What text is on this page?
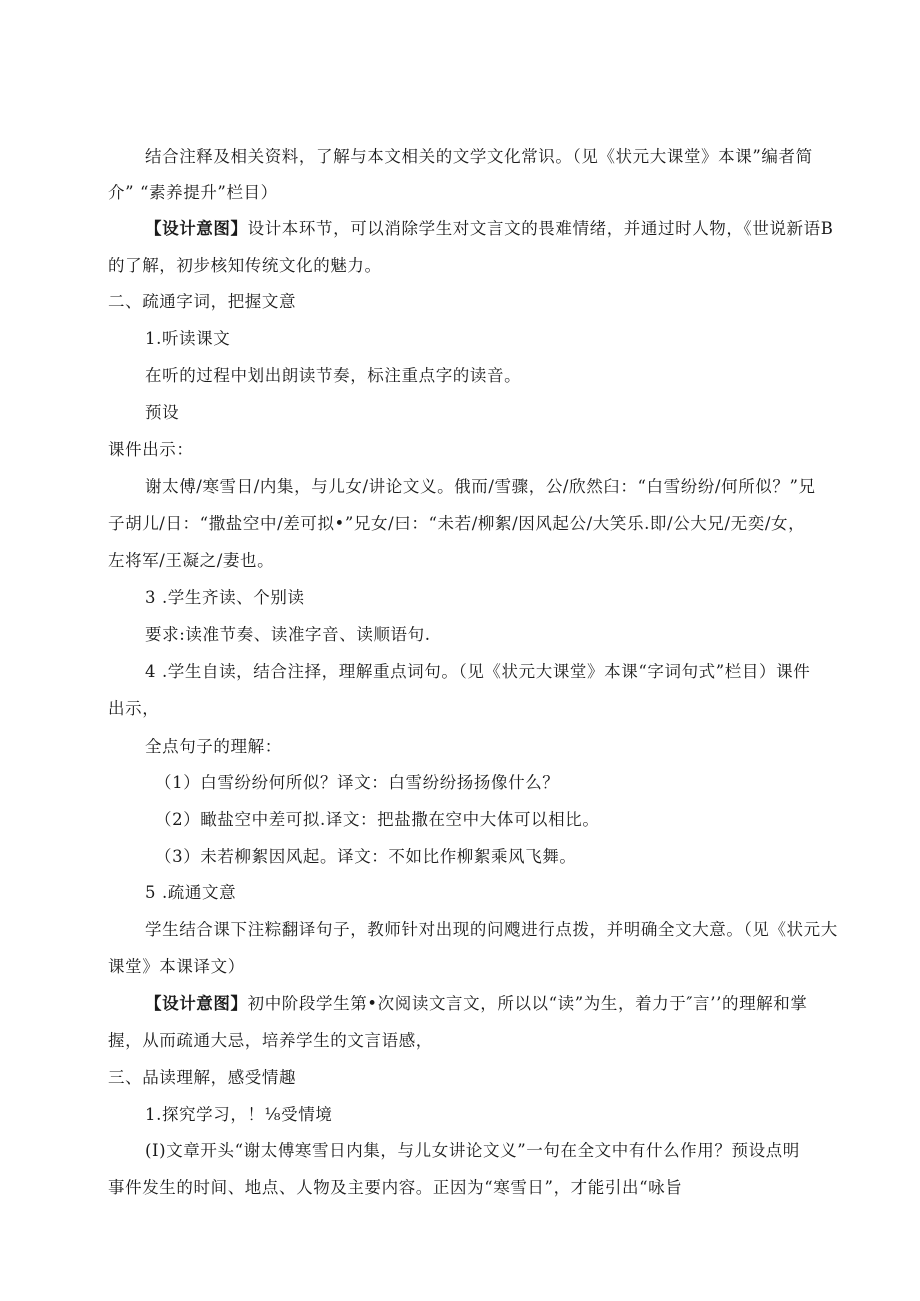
结合注释及相关资料，了解与本文相关的文学文化常识。（见《状元大课堂》本课”编者简
介” “素养提升”栏目）
【设计意图】设计本环节，可以消除学生对文言文的畏难情绪，并通过时人物，《世说新语B
的了解，初步核知传统文化的魅力。
二、疏通字词，把握文意
1.听读课文
在听的过程中划出朗读节奏，标注重点字的读音。
预设
课件出示：
谢太傅/寒雪日/内集，与儿女/讲论文义。俄而/雪骤，公/欣然臼：“白雪纷纷/何所似？”兄
子胡儿/日：“撒盐空中/差可拟•”兄女/曰：“未若/柳絮/因风起公/大笑乐.即/公大兄/无奕/女，
左将军/王凝之/妻也。
3 .学生齐读、个别读
要求:读准节奏、读准字音、读顺语句.
4 .学生自读，结合注择，理解重点词句。（见《状元大课堂》本课“字词句式”栏目）课件
出示，
全点句子的理解：
（1）白雪纷纷何所似？译文：白雪纷纷扬扬像什么？
（2）瞰盐空中差可拟.译文：把盐撒在空中大体可以相比。
（3）未若柳絮因风起。译文：不如比作柳絮乘风飞舞。
5 .疏通文意
学生结合课下注粽翻译句子，教师针对出现的问飕进行点拨，并明确全文大意。（见《状元大
课堂》本课译文）
【设计意图】初中阶段学生第•次阅读文言文，所以以“读”为生，着力于″言’’的理解和掌
握，从而疏通大忌，培养学生的文言语感，
三、品读理解，感受情趣
1.探究学习，！⅛受情境
(I)文章开头“谢太傅寒雪日内集，与儿女讲论文义”一句在全文中有什么作用？预设点明
事件发生的时间、地点、人物及主要内容。正因为“寒雪日”，才能引出“咏旨
